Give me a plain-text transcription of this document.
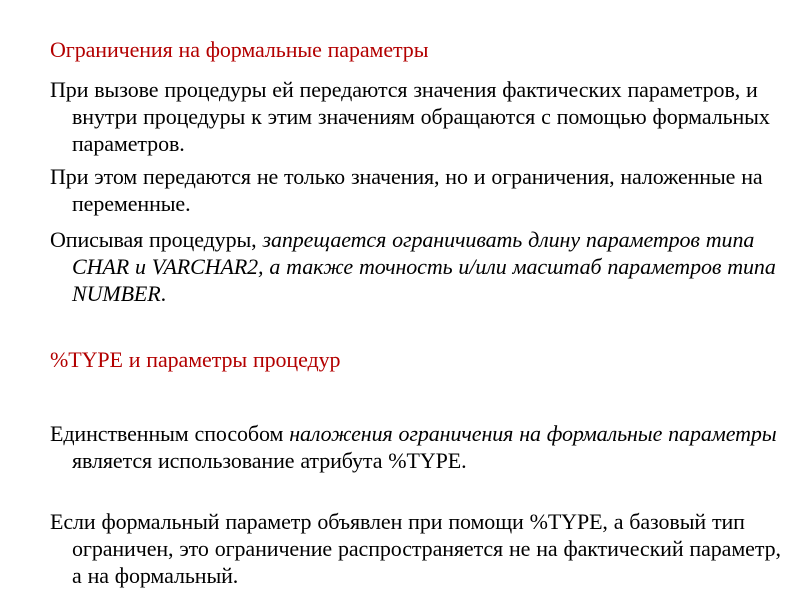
Ограничения на формальные параметры
При вызове процедуры ей передаются значения фактических параметров, и внутри процедуры к этим значениям обращаются с помощью формальных параметров.
При этом передаются не только значения, но и ограничения, наложенные на переменные.
Описывая процедуры, запрещается ограничивать длину параметров типа CHAR и VARCHAR2, а также точность и/или масштаб параметров типа NUMBER.
%TYPE и параметры процедур
Единственным способом наложения ограничения на формальные параметры является использование атрибута %TYPE.
Если формальный параметр объявлен при помощи %TYPE, а базовый тип ограничен, это ограничение распространяется не на фактический параметр, а на формальный.
